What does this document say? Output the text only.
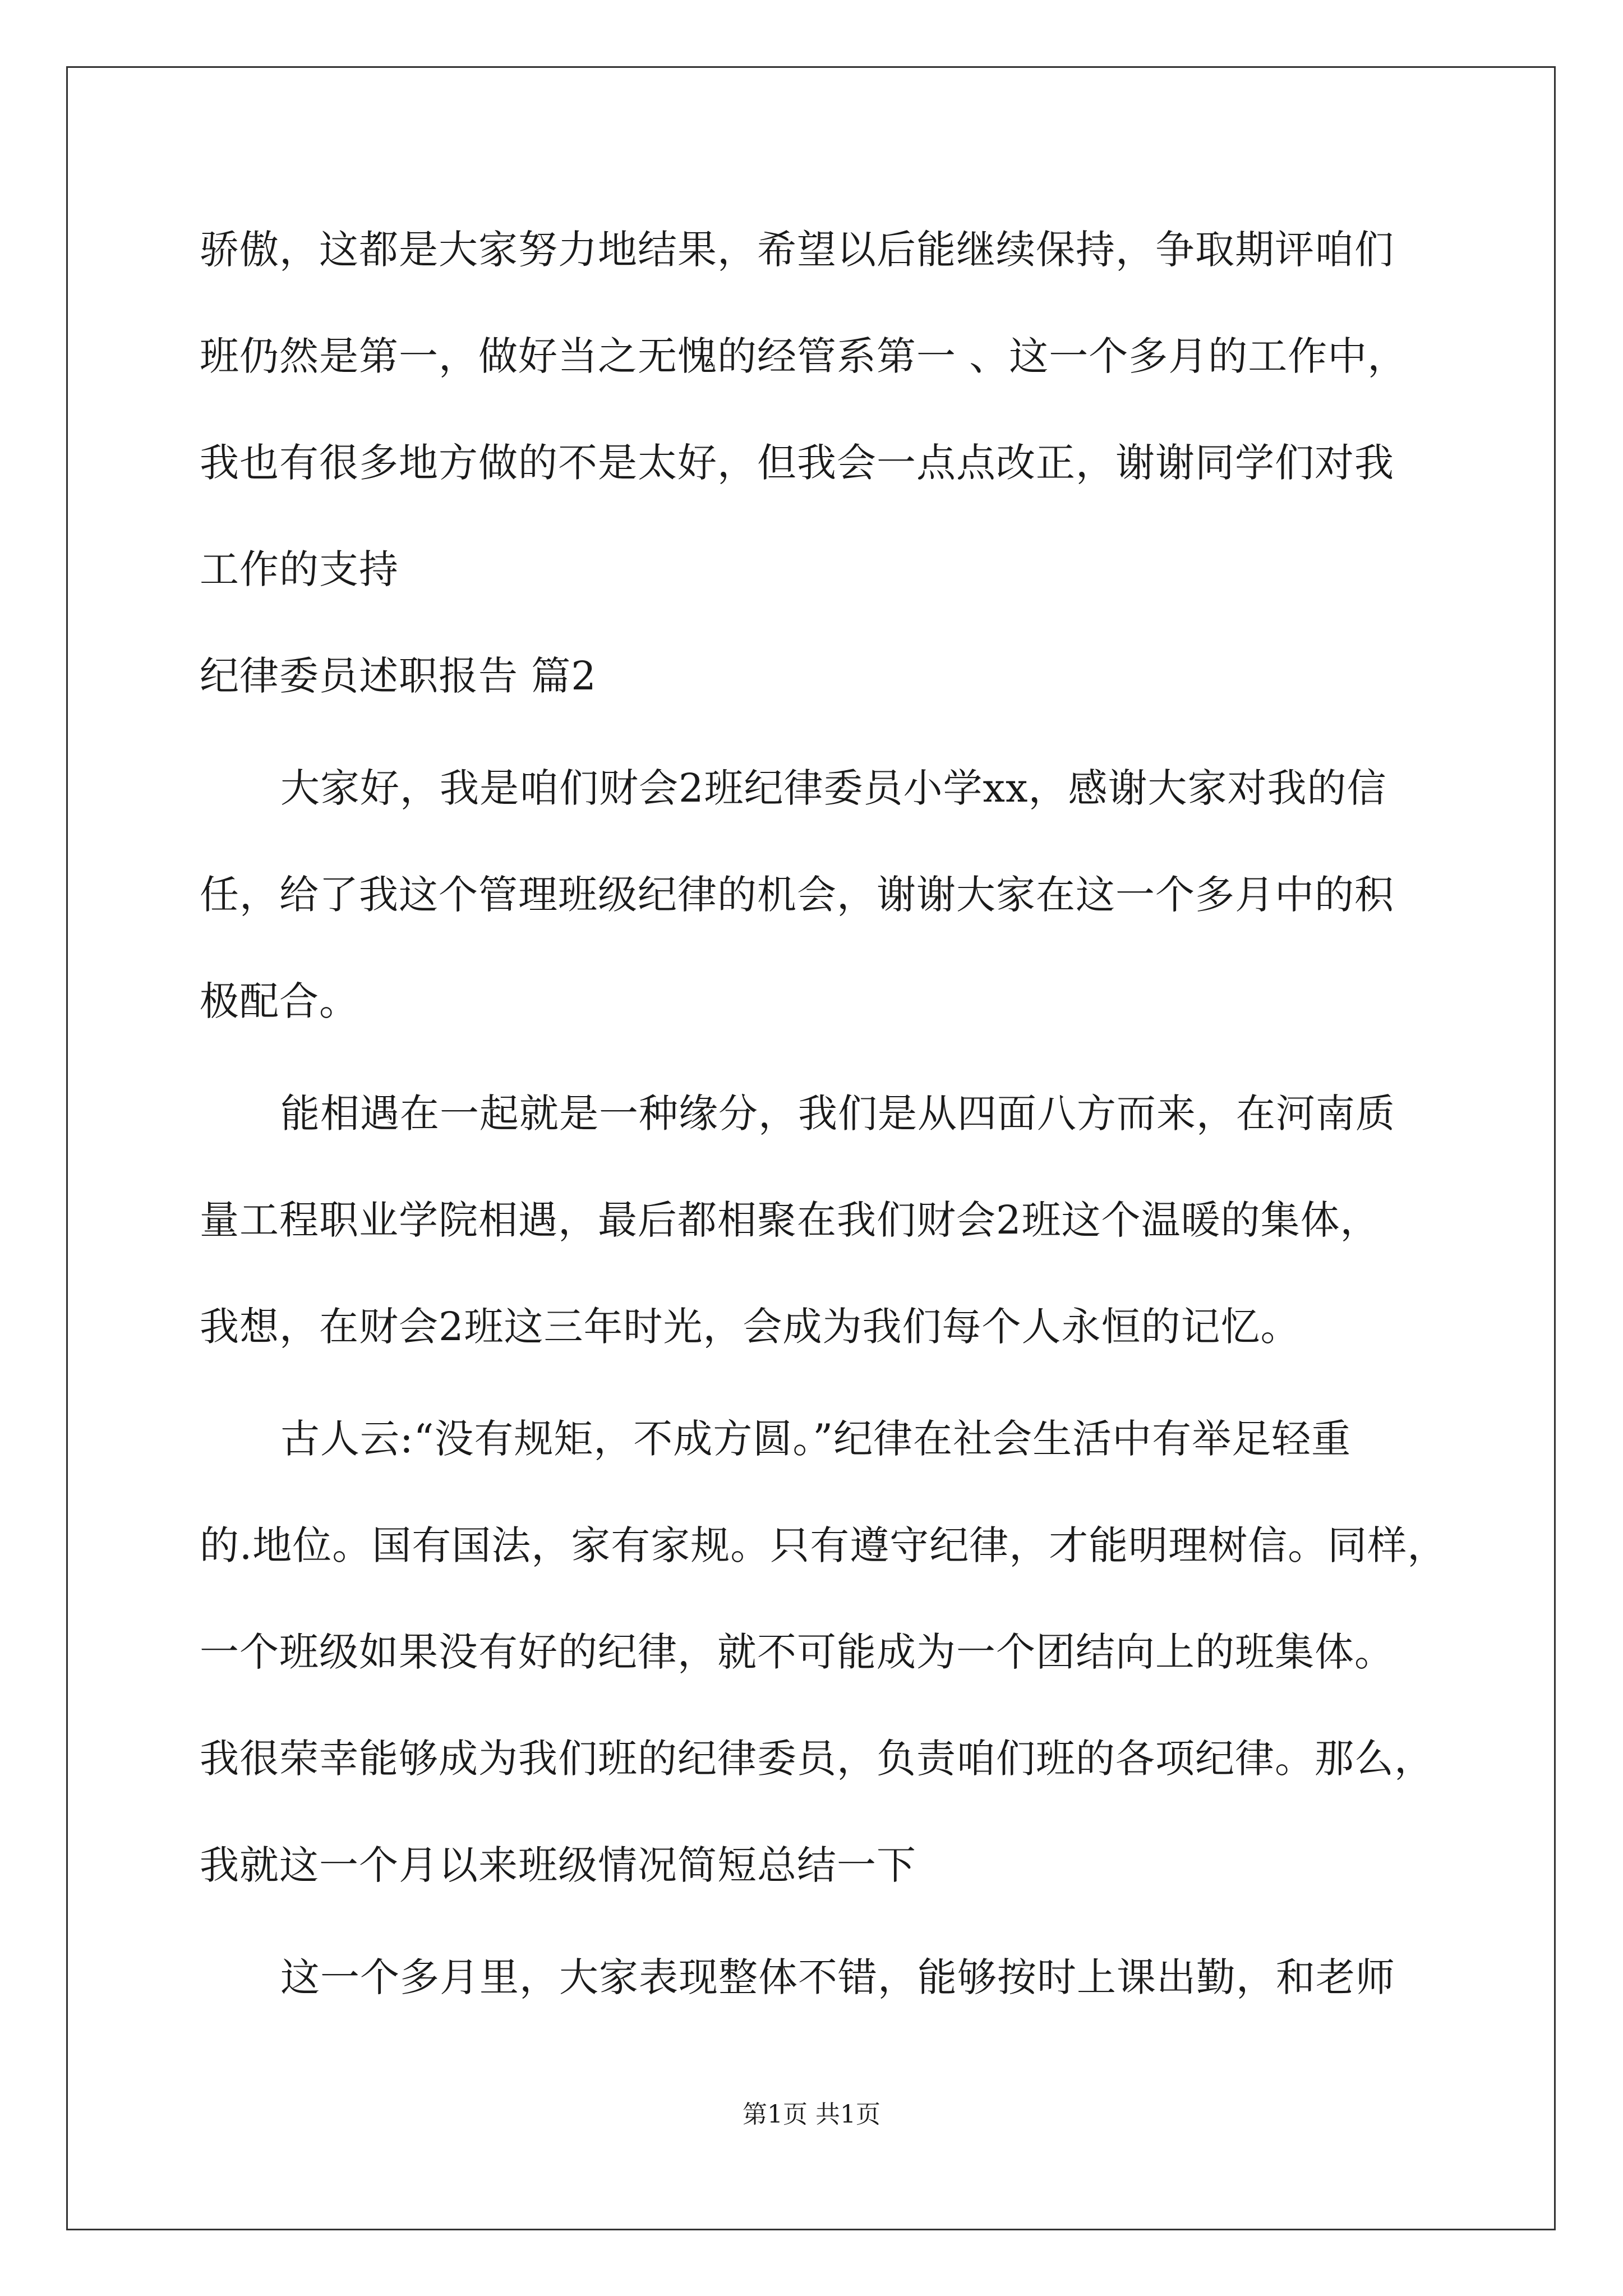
骄傲，这都是大家努力地结果，希望以后能继续保持，争取期评咱们
班仍然是第一，做好当之无愧的经管系第一 、这一个多月的工作中，
我也有很多地方做的不是太好，但我会一点点改正，谢谢同学们对我
工作的支持
纪律委员述职报告 篇2
大家好，我是咱们财会2班纪律委员小学xx，感谢大家对我的信
任，给了我这个管理班级纪律的机会，谢谢大家在这一个多月中的积
极配合。
能相遇在一起就是一种缘分，我们是从四面八方而来，在河南质
量工程职业学院相遇，最后都相聚在我们财会2班这个温暖的集体，
我想，在财会2班这三年时光，会成为我们每个人永恒的记忆。
古人云:“没有规矩，不成方圆。”纪律在社会生活中有举足轻重
的.地位。国有国法，家有家规。只有遵守纪律，才能明理树信。同样，
一个班级如果没有好的纪律，就不可能成为一个团结向上的班集体。
我很荣幸能够成为我们班的纪律委员，负责咱们班的各项纪律。那么，
我就这一个月以来班级情况简短总结一下
这一个多月里，大家表现整体不错，能够按时上课出勤，和老师
第1页 共1页
